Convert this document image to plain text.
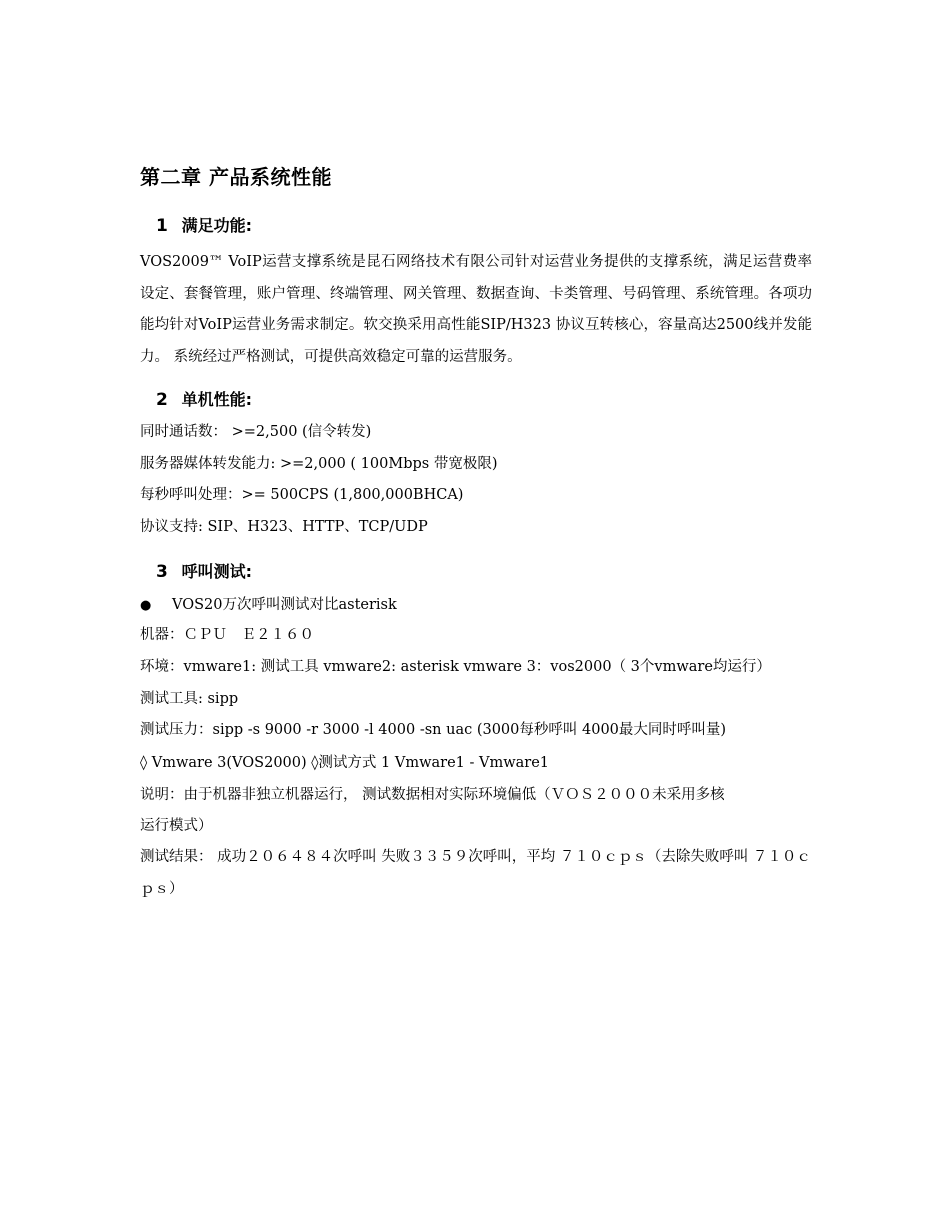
第二章 产品系统性能
1 满足功能:
VOS2009™ VoIP运营支撑系统是昆石网络技术有限公司针对运营业务提供的支撑系统，满足运营费率设定、套餐管理，账户管理、终端管理、网关管理、数据查询、卡类管理、号码管理、系统管理。各项功能均针对VoIP运营业务需求制定。软交换采用高性能SIP/H323 协议互转核心，容量高达2500线并发能力。 系统经过严格测试，可提供高效稳定可靠的运营服务。
2 单机性能:
同时通话数： >=2,500 (信令转发)
服务器媒体转发能力: >=2,000 ( 100Mbps 带宽极限)
每秒呼叫处理：>= 500CPS (1,800,000BHCA)
协议支持: SIP、H323、HTTP、TCP/UDP
3 呼叫测试:
● VOS20万次呼叫测试对比asterisk
机器：ＣＰＵ　Ｅ２１６０
环境：vmware1: 测试工具 vmware2: asterisk vmware 3：vos2000（ 3个vmware均运行）
测试工具: sipp
测试压力：sipp -s 9000 -r 3000 -l 4000 -sn uac (3000每秒呼叫 4000最大同时呼叫量)
◊ Vmware 3(VOS2000) ◊测试方式 1 Vmware1 - Vmware1
说明：由于机器非独立机器运行， 测试数据相对实际环境偏低（ＶＯＳ２０００未采用多核
运行模式）
测试结果： 成功２０６４８４次呼叫 失败３３５９次呼叫，平均 ７１０ｃｐｓ（去除失败呼叫 ７１０ｃｐｓ）
